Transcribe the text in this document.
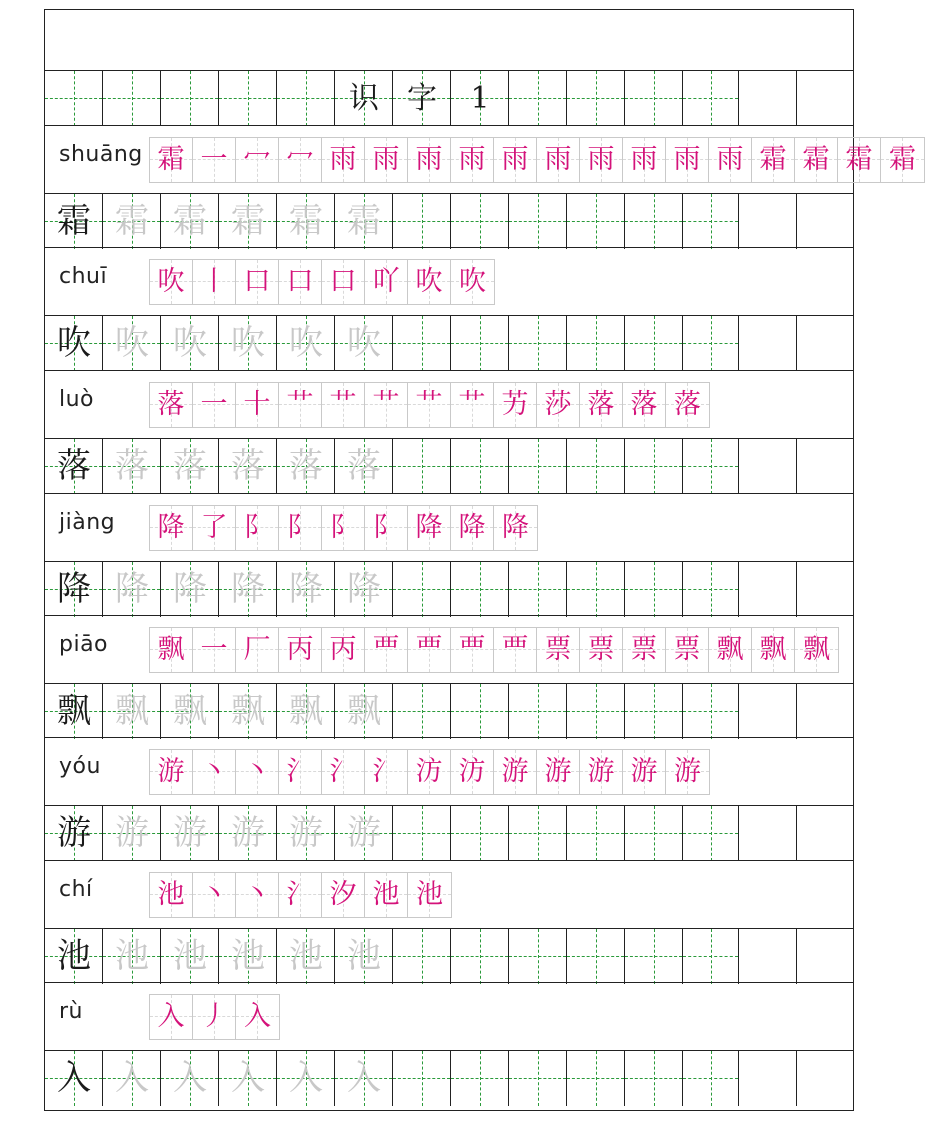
识 字	1
shuāng 霜 一 冖 冖 雨 雨 雨 雨 雨 雨 雨 雨 雨 雨 霜 霜 霜 霜
霜 霜 霜 霜 霜 霜
chuī 吹 丨 口 口 口 吖 吹 吹
吹 吹 吹 吹 吹 吹
luò 落 一 十 艹 艹 艹 艹 艹 艻 莎 落 落 落
落 落 落 落 落 落
jiàng 降 了 阝 阝 阝 阝 降 降 降
降 降 降 降 降 降
piāo 飘 一 厂 丙 丙 覀 覀 覀 覀 票 票 票 票 飘 飘 飘
飘 飘 飘 飘 飘 飘
yóu 游 丶 丶 氵 氵 氵 汸 汸 游 游 游 游 游
游 游 游 游 游 游
chí 池 丶 丶 氵 汐 池 池
池 池 池 池 池 池
rù	入 丿 入
入 入 入 入 入 入
